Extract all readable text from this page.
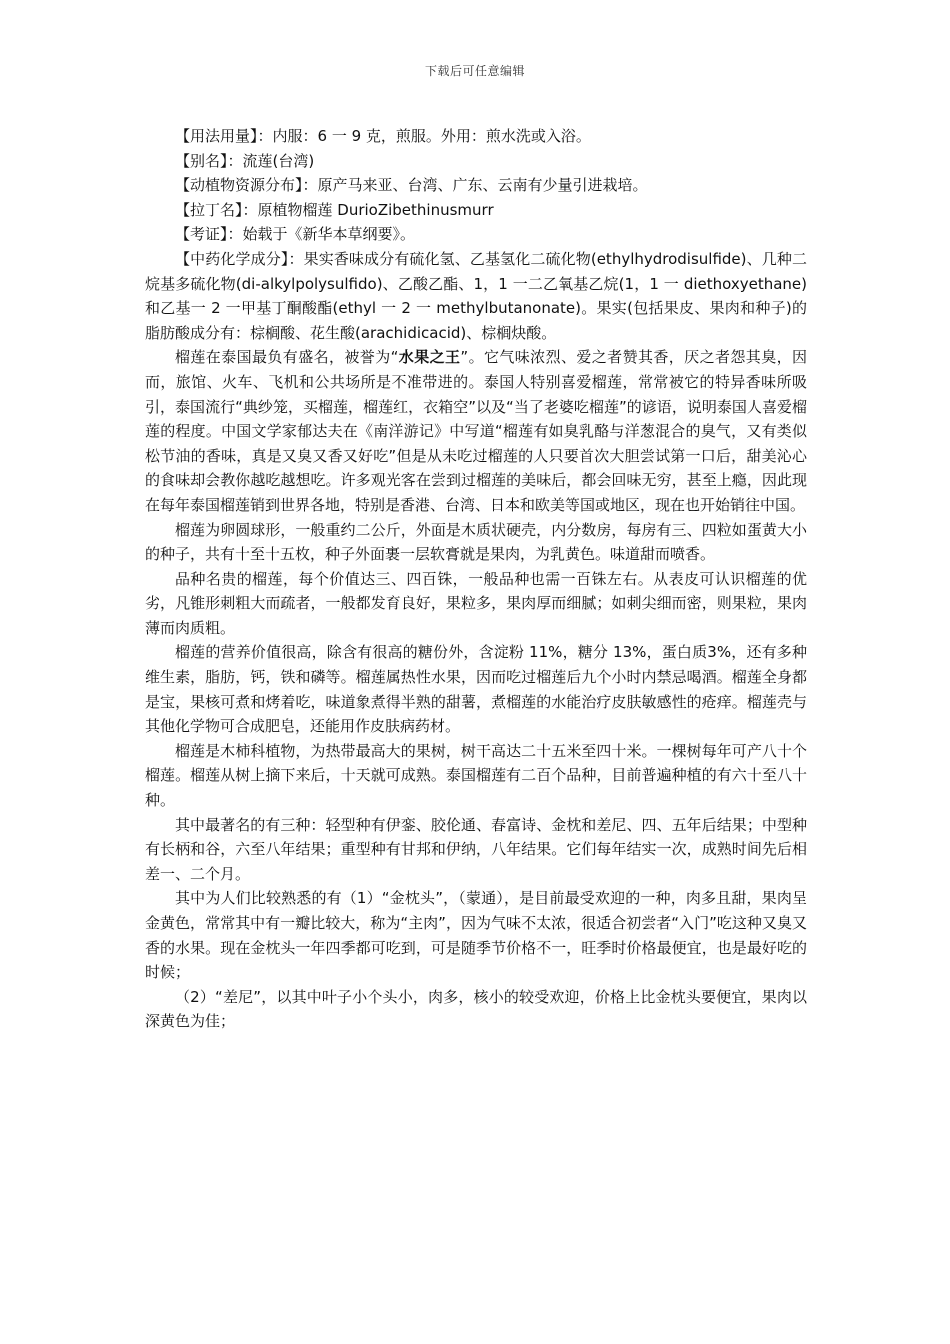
下载后可任意编辑

【用法用量】：内服：6 一 9 克，煎服。外用：煎水洗或入浴。

【别名】：流莲(台湾)

【动植物资源分布】：原产马来亚、台湾、广东、云南有少量引进栽培。

【拉丁名】：原植物榴莲 DurioZibethinusmurr

【考证】：始载于《新华本草纲要》。

【中药化学成分】：果实香味成分有硫化氢、乙基氢化二硫化物(ethylhydrodisulfide)、几种二烷基多硫化物(di-alkylpolysulfido)、乙酸乙酯、1，1 一二乙氧基乙烷(1，1 一 diethoxyethane)和乙基一 2 一甲基丁酮酸酯(ethyl 一 2 一 methylbutanonate)。果实(包括果皮、果肉和种子)的脂肪酸成分有：棕榈酸、花生酸(arachidicacid)、棕榈炔酸。

榴莲在泰国最负有盛名，被誉为“水果之王”。它气味浓烈、爱之者赞其香，厌之者怨其臭，因而，旅馆、火车、飞机和公共场所是不准带进的。泰国人特别喜爱榴莲，常常被它的特异香味所吸引，泰国流行“典纱笼，买榴莲，榴莲红，衣箱空”以及“当了老婆吃榴莲”的谚语，说明泰国人喜爱榴莲的程度。中国文学家郁达夫在《南洋游记》中写道“榴莲有如臭乳酪与洋葱混合的臭气，又有类似松节油的香味，真是又臭又香又好吃”但是从未吃过榴莲的人只要首次大胆尝试第一口后，甜美沁心的食味却会教你越吃越想吃。许多观光客在尝到过榴莲的美味后，都会回味无穷，甚至上瘾，因此现在每年泰国榴莲销到世界各地，特别是香港、台湾、日本和欧美等国或地区，现在也开始销往中国。

榴莲为卵圆球形，一般重约二公斤，外面是木质状硬壳，内分数房，每房有三、四粒如蛋黄大小的种子，共有十至十五枚，种子外面裹一层软膏就是果肉，为乳黄色。味道甜而喷香。

品种名贵的榴莲，每个价值达三、四百铢，一般品种也需一百铢左右。从表皮可认识榴莲的优劣，凡锥形刺粗大而疏者，一般都发育良好，果粒多，果肉厚而细腻；如刺尖细而密，则果粒，果肉薄而肉质粗。

榴莲的营养价值很高，除含有很高的糖份外，含淀粉 11%，糖分 13%，蛋白质3%，还有多种维生素，脂肪，钙，铁和磷等。榴莲属热性水果，因而吃过榴莲后九个小时内禁忌喝酒。榴莲全身都是宝，果核可煮和烤着吃，味道象煮得半熟的甜薯，煮榴莲的水能治疗皮肤敏感性的疮痒。榴莲壳与其他化学物可合成肥皂，还能用作皮肤病药材。

榴莲是木柿科植物，为热带最高大的果树，树干高达二十五米至四十米。一棵树每年可产八十个榴莲。榴莲从树上摘下来后，十天就可成熟。泰国榴莲有二百个品种，目前普遍种植的有六十至八十种。

其中最著名的有三种：轻型种有伊銮、胶伦通、春富诗、金枕和差尼、四、五年后结果；中型种有长柄和谷，六至八年结果；重型种有甘邦和伊纳，八年结果。它们每年结实一次，成熟时间先后相差一、二个月。

其中为人们比较熟悉的有（1）“金枕头”，（蒙通），是目前最受欢迎的一种，肉多且甜，果肉呈金黄色，常常其中有一瓣比较大，称为“主肉”，因为气味不太浓，很适合初尝者“入门”吃这种又臭又香的水果。现在金枕头一年四季都可吃到，可是随季节价格不一，旺季时价格最便宜，也是最好吃的时候；

（2）“差尼”，以其中叶子小个头小，肉多，核小的较受欢迎，价格上比金枕头要便宜，果肉以深黄色为佳；
